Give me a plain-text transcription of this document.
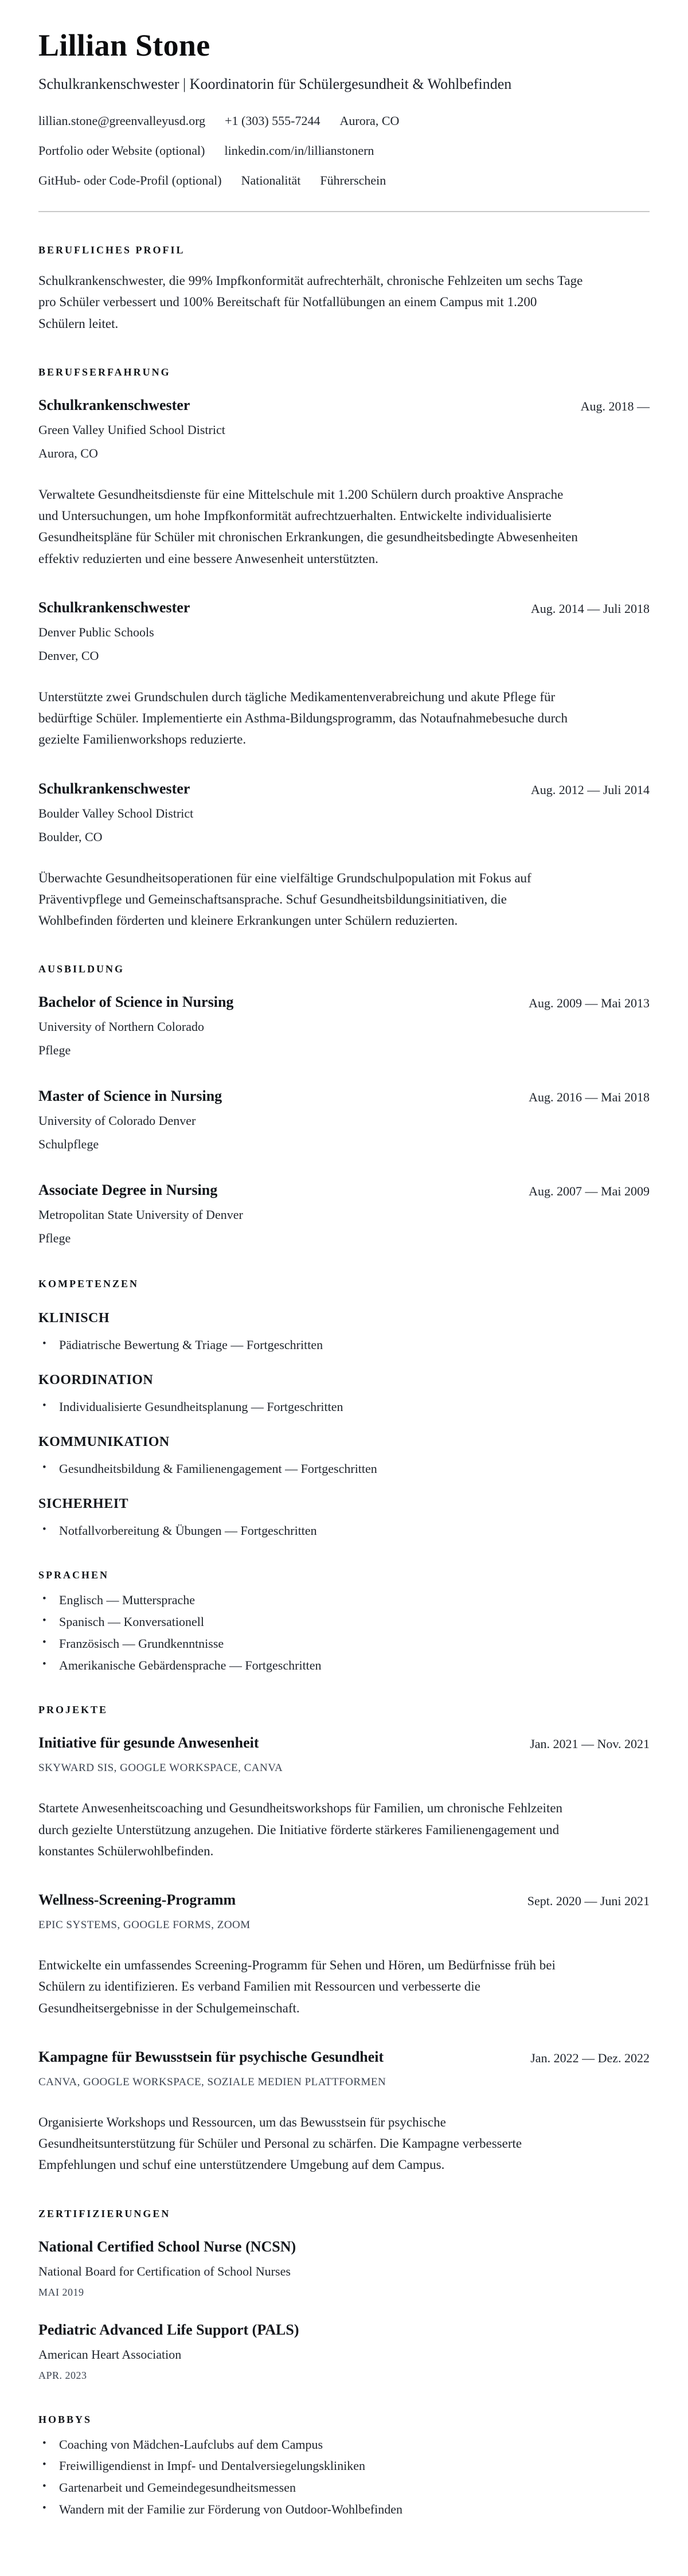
Lillian Stone

Schulkrankenschwester | Koordinatorin für Schülergesundheit & Wohlbefinden

lillian.stone@greenvalleyusd.org +1 (303) 555-7244 Aurora, CO
Portfolio oder Website (optional) linkedin.com/in/lillianstonern
GitHub- oder Code-Profil (optional) Nationalität Führerschein
BERUFLICHES PROFIL

Schulkrankenschwester, die 99% Impfkonformität aufrechterhält, chronische Fehlzeiten um sechs Tage pro Schüler verbessert und 100% Bereitschaft für Notfallübungen an einem Campus mit 1.200 Schülern leitet.

BERUFSERFAHRUNG
Schulkrankenschwester	Aug. 2018 —
Green Valley Unified School District
Aurora, CO

Verwaltete Gesundheitsdienste für eine Mittelschule mit 1.200 Schülern durch proaktive Ansprache und Untersuchungen, um hohe Impfkonformität aufrechtzuerhalten. Entwickelte individualisierte Gesundheitspläne für Schüler mit chronischen Erkrankungen, die gesundheitsbedingte Abwesenheiten effektiv reduzierten und eine bessere Anwesenheit unterstützten.

Schulkrankenschwester	Aug. 2014 — Juli 2018
Denver Public Schools
Denver, CO

Unterstützte zwei Grundschulen durch tägliche Medikamentenverabreichung und akute Pflege für bedürftige Schüler. Implementierte ein Asthma-Bildungsprogramm, das Notaufnahmebesuche durch gezielte Familienworkshops reduzierte.

Schulkrankenschwester	Aug. 2012 — Juli 2014
Boulder Valley School District
Boulder, CO

Überwachte Gesundheitsoperationen für eine vielfältige Grundschulpopulation mit Fokus auf Präventivpflege und Gemeinschaftsansprache. Schuf Gesundheitsbildungsinitiativen, die Wohlbefinden förderten und kleinere Erkrankungen unter Schülern reduzierten.

AUSBILDUNG
Bachelor of Science in Nursing	Aug. 2009 — Mai 2013
University of Northern Colorado
Pflege
Master of Science in Nursing	Aug. 2016 — Mai 2018
University of Colorado Denver
Schulpflege
Associate Degree in Nursing	Aug. 2007 — Mai 2009
Metropolitan State University of Denver
Pflege
KOMPETENZEN
KLINISCH
• Pädiatrische Bewertung & Triage — Fortgeschritten
KOORDINATION
• Individualisierte Gesundheitsplanung — Fortgeschritten
KOMMUNIKATION
• Gesundheitsbildung & Familienengagement — Fortgeschritten
SICHERHEIT
• Notfallvorbereitung & Übungen — Fortgeschritten
SPRACHEN
• Englisch — Muttersprache
• Spanisch — Konversationell
• Französisch — Grundkenntnisse
• Amerikanische Gebärdensprache — Fortgeschritten
PROJEKTE
Initiative für gesunde Anwesenheit	Jan. 2021 — Nov. 2021
SKYWARD SIS, GOOGLE WORKSPACE, CANVA

Startete Anwesenheitscoaching und Gesundheitsworkshops für Familien, um chronische Fehlzeiten durch gezielte Unterstützung anzugehen. Die Initiative förderte stärkeres Familienengagement und konstantes Schülerwohlbefinden.

Wellness-Screening-Programm	Sept. 2020 — Juni 2021
EPIC SYSTEMS, GOOGLE FORMS, ZOOM

Entwickelte ein umfassendes Screening-Programm für Sehen und Hören, um Bedürfnisse früh bei Schülern zu identifizieren. Es verband Familien mit Ressourcen und verbesserte die Gesundheitsergebnisse in der Schulgemeinschaft.

Kampagne für Bewusstsein für psychische Gesundheit	Jan. 2022 — Dez. 2022
CANVA, GOOGLE WORKSPACE, SOZIALE MEDIEN PLATTFORMEN

Organisierte Workshops und Ressourcen, um das Bewusstsein für psychische Gesundheitsunterstützung für Schüler und Personal zu schärfen. Die Kampagne verbesserte Empfehlungen und schuf eine unterstützendere Umgebung auf dem Campus.

ZERTIFIZIERUNGEN
National Certified School Nurse (NCSN)
National Board for Certification of School Nurses
MAI 2019
Pediatric Advanced Life Support (PALS)
American Heart Association
APR. 2023
HOBBYS
• Coaching von Mädchen-Laufclubs auf dem Campus
• Freiwilligendienst in Impf- und Dentalversiegelungskliniken
• Gartenarbeit und Gemeindegesundheitsmessen
• Wandern mit der Familie zur Förderung von Outdoor-Wohlbefinden
